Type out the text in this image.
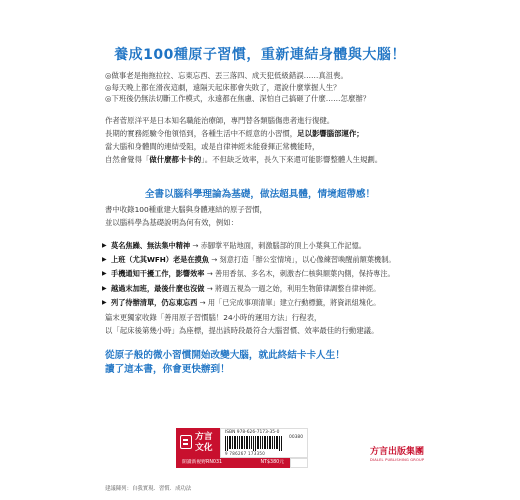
養成100種原子習慣，重新連結身體與大腦！
◎做事老是拖拖拉拉、忘東忘西、丟三落四、成天犯低級錯誤……真沮喪。
◎每天晚上都在滑夜這劇，遠隔天起床都會失敗了，還說什麼掌握人生？
◎下班後仍無法切斷工作模式，永遠都在焦慮、深怕自己搞砸了什麼……怎麼辦？
作者菅原洋平是日本知名職能治療師，專門替各類腦傷患者進行復健。
長期的實務經驗令他領悟到，各種生活中不經意的小習慣，足以影響腦部運作；
當大腦和身體間的連結受阻，或是自律神經未能發揮正常機能時，
自然會覺得「做什麼都卡卡的」。不但缺乏效率，長久下來還可能影響整體人生規劃。
全書以腦科學理論為基礎，做法超具體，情境超帶感！
書中收錄100種重建大腦與身體連結的原子習慣，
並以腦科學為基礎說明為何有效，例如：
▶ 莫名焦躁、無法集中精神 → 赤腳掌平貼地面，刺激腦部的頂上小葉與工作記憶。
▶ 上班（尤其WFH）老是在摸魚 → 刻意打造「辦公室情境」，以心像練習喚醒前額葉機制。
▶ 手機通知干擾工作，影響效率 → 善用香氛、多名木，刺激杏仁核與額葉內側，保持專注。
▶ 越過末加班，最後什麼也沒做 → 將週五視為一週之始，利用生物節律調整自律神經。
▶ 列了待辦清單，仍忘東忘西 → 用「已完成事項清單」建立行動標籤，將資訊組塊化。
篇末更獨家收錄「善用原子習慣腦！24小時的運用方法」行程表，
以「起床後第幾小時」為座標，提出該時段最符合大腦習慣、效率最佳的行動建議。
從原子般的微小習慣開始改變大腦，就此終結卡卡人生！
讀了這本書，你會更快辦到！
方言文化
ISBN 978-626-7173-35-0
00380
9 786267 173350
開讀新視野RN031	NT$380元
方言出版集團
DIALEL PUBLISHING GROUP
建議陳列：自我實現．習慣．成功法
